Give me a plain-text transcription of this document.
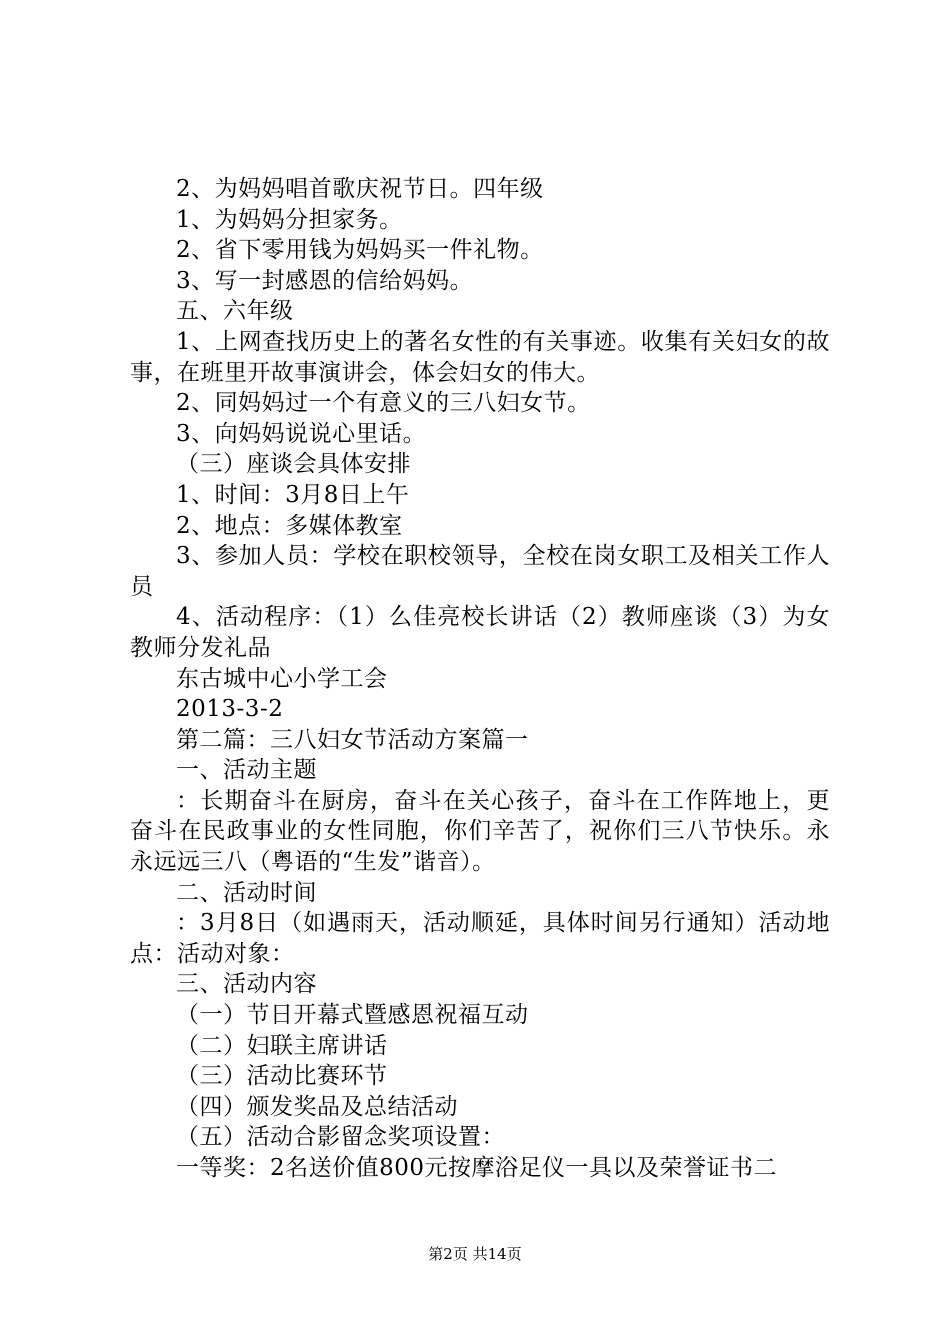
2、为妈妈唱首歌庆祝节日。四年级

1、为妈妈分担家务。

2、省下零用钱为妈妈买一件礼物。

3、写一封感恩的信给妈妈。

五、六年级

1、上网查找历史上的著名女性的有关事迹。收集有关妇女的故事，在班里开故事演讲会，体会妇女的伟大。

2、同妈妈过一个有意义的三八妇女节。

3、向妈妈说说心里话。

（三）座谈会具体安排

1、时间：3月8日上午

2、地点：多媒体教室

3、参加人员：学校在职校领导，全校在岗女职工及相关工作人员

4、活动程序：（1）么佳亮校长讲话（2）教师座谈（3）为女教师分发礼品

东古城中心小学工会

2013-3-2

第二篇：三八妇女节活动方案篇一

一、活动主题

：长期奋斗在厨房，奋斗在关心孩子，奋斗在工作阵地上，更奋斗在民政事业的女性同胞，你们辛苦了，祝你们三八节快乐。永永远远三八（粤语的“生发”谐音）。

二、活动时间

：3月8日（如遇雨天，活动顺延，具体时间另行通知）活动地点：活动对象：

三、活动内容

（一）节日开幕式暨感恩祝福互动

（二）妇联主席讲话

（三）活动比赛环节

（四）颁发奖品及总结活动

（五）活动合影留念奖项设置：

一等奖：2名送价值800元按摩浴足仪一具以及荣誉证书二

第2页 共14页
